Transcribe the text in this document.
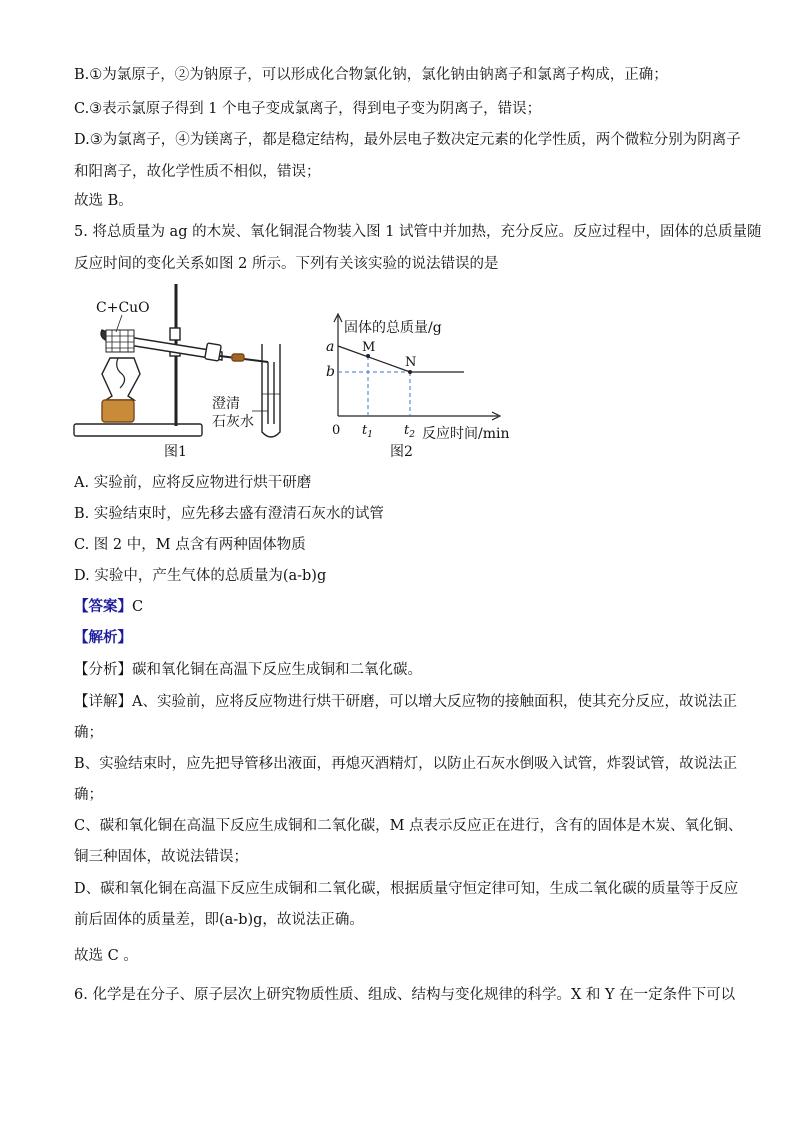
B.①为氯原子，②为钠原子，可以形成化合物氯化钠，氯化钠由钠离子和氯离子构成，正确；
C.③表示氯原子得到 1 个电子变成氯离子，得到电子变为阴离子，错误；
D.③为氯离子，④为镁离子，都是稳定结构，最外层电子数决定元素的化学性质，两个微粒分别为阴离子
和阳离子，故化学性质不相似，错误；
故选 B。
5. 将总质量为 ag 的木炭、氧化铜混合物装入图 1 试管中并加热，充分反应。反应过程中，固体的总质量随
反应时间的变化关系如图 2 所示。下列有关该实验的说法错误的是
C+CuO
澄清
石灰水
图1
固体的总质量/g
a
b
M
N
0 $t_1$ $t_2$ 反应时间/min
图2
A. 实验前，应将反应物进行烘干研磨
B. 实验结束时，应先移去盛有澄清石灰水的试管
C. 图 2 中，M 点含有两种固体物质
D. 实验中，产生气体的总质量为(a-b)g
【答案】C
【解析】
【分析】碳和氧化铜在高温下反应生成铜和二氧化碳。
【详解】A、实验前，应将反应物进行烘干研磨，可以增大反应物的接触面积，使其充分反应，故说法正
确；
B、实验结束时，应先把导管移出液面，再熄灭酒精灯，以防止石灰水倒吸入试管，炸裂试管，故说法正
确；
C、碳和氧化铜在高温下反应生成铜和二氧化碳，M 点表示反应正在进行，含有的固体是木炭、氧化铜、
铜三种固体，故说法错误；
D、碳和氧化铜在高温下反应生成铜和二氧化碳，根据质量守恒定律可知，生成二氧化碳的质量等于反应
前后固体的质量差，即(a-b)g，故说法正确。
故选 C 。
6. 化学是在分子、原子层次上研究物质性质、组成、结构与变化规律的科学。X 和 Y 在一定条件下可以
